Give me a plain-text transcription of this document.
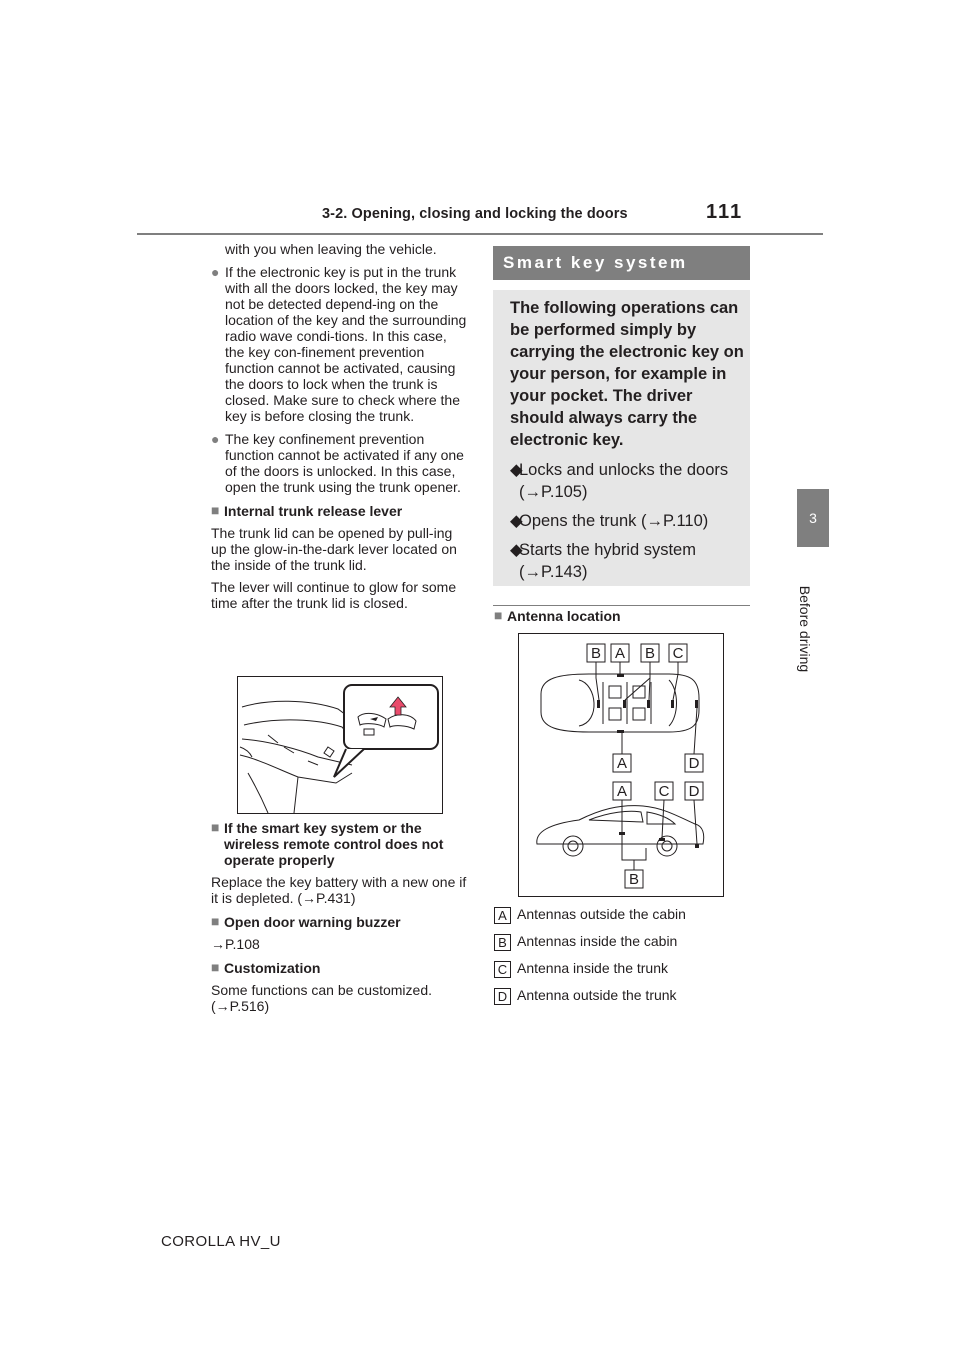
3-2. Opening, closing and locking the doors	111
3
Before driving

with you when leaving the vehicle.

● If the electronic key is put in the trunk with all the doors locked, the key may not be detected depend-ing on the location of the key and the surrounding radio wave condi-tions. In this case, the key con-finement prevention function cannot be activated, causing the doors to lock when the trunk is closed. Make sure to check where the key is before closing the trunk.

● The key confinement prevention function cannot be activated if any one of the doors is unlocked. In this case, open the trunk using the trunk opener.

■ Internal trunk release lever

The trunk lid can be opened by pull-ing up the glow-in-the-dark lever located on the inside of the trunk lid.

The lever will continue to glow for some time after the trunk lid is closed.

■ If the smart key system or the wireless remote control does not operate properly

Replace the key battery with a new one if it is depleted. (→P.431)

■ Open door warning buzzer

→P.108

■ Customization

Some functions can be customized. (→P.516)

Smart key system
The following operations can be performed simply by carrying the electronic key on your person, for example in your pocket. The driver should always carry the electronic key.
◆
Locks and unlocks the doors (→P.105)
◆
Opens the trunk (→P.110)
◆
Starts the hybrid system (→P.143)

■ Antenna location

B A B C
A	D
A C D
B
A Antennas outside the cabin
B Antennas inside the cabin
C Antenna inside the trunk
D Antenna outside the trunk
COROLLA HV_U
